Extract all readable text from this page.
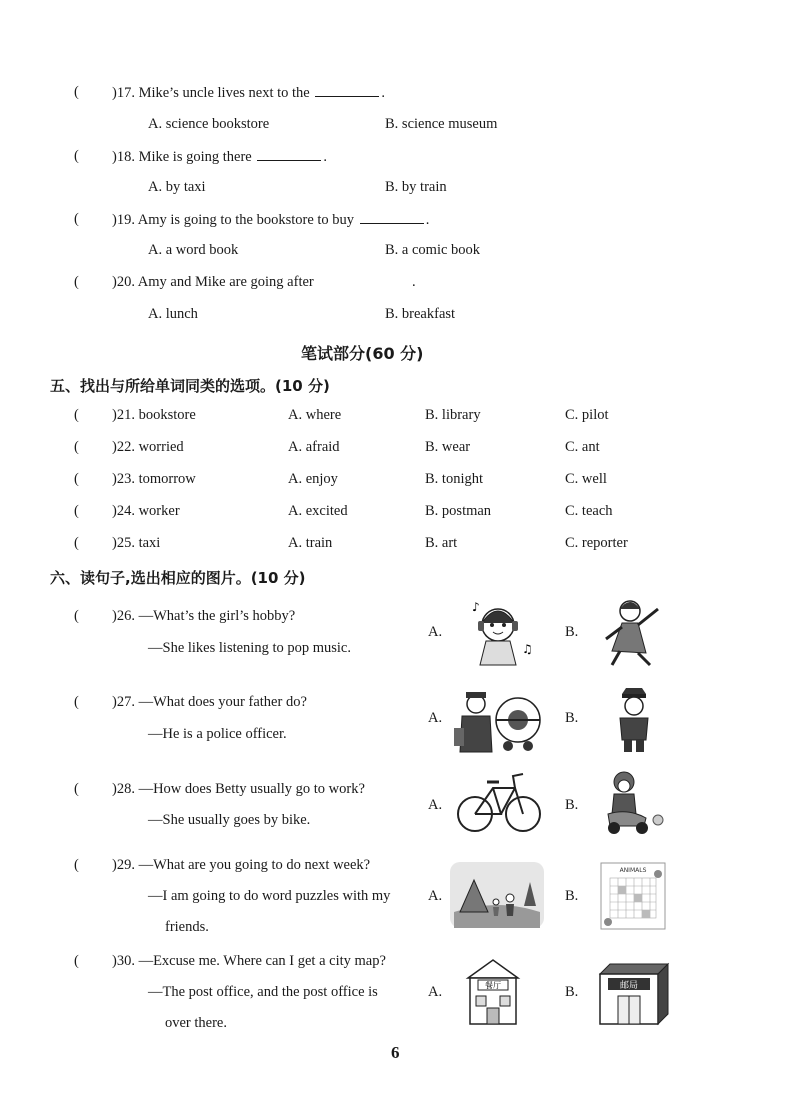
( )17. Mike’s uncle lives next to the	.
A. science bookstore	B. science museum
( )18. Mike is going there	.
A. by taxi	B. by train
( )19. Amy is going to the bookstore to buy	.
A. a word book	B. a comic book
( )20. Amy and Mike are going after	.
A. lunch	B. breakfast
笔试部分(60 分)
五、找出与所给单词同类的选项。(10 分)
( )21. bookstore	A. where	B. library	C. pilot
( )22. worried	A. afraid	B. wear	C. ant
( )23. tomorrow	A. enjoy	B. tonight	C. well
( )24. worker	A. excited	B. postman	C. teach
( )25. taxi	A. train	B. art	C. reporter
六、读句子,选出相应的图片。(10 分)
( )26. —What’s the girl’s hobby?
—She likes listening to pop music.
A.	B.
♪
♫
( )27. —What does your father do?
—He is a police officer.
A.	B.
( )28. —How does Betty usually go to work?
—She usually goes by bike.
A.	B.
( )29. —What are you going to do next week?
—I am going to do word puzzles with my
friends.
A.	B.
ANIMALS
( )30. —Excuse me. Where can I get a city map?
—The post office, and the post office is
over there.
A.	B.
餐厅	邮局
6
